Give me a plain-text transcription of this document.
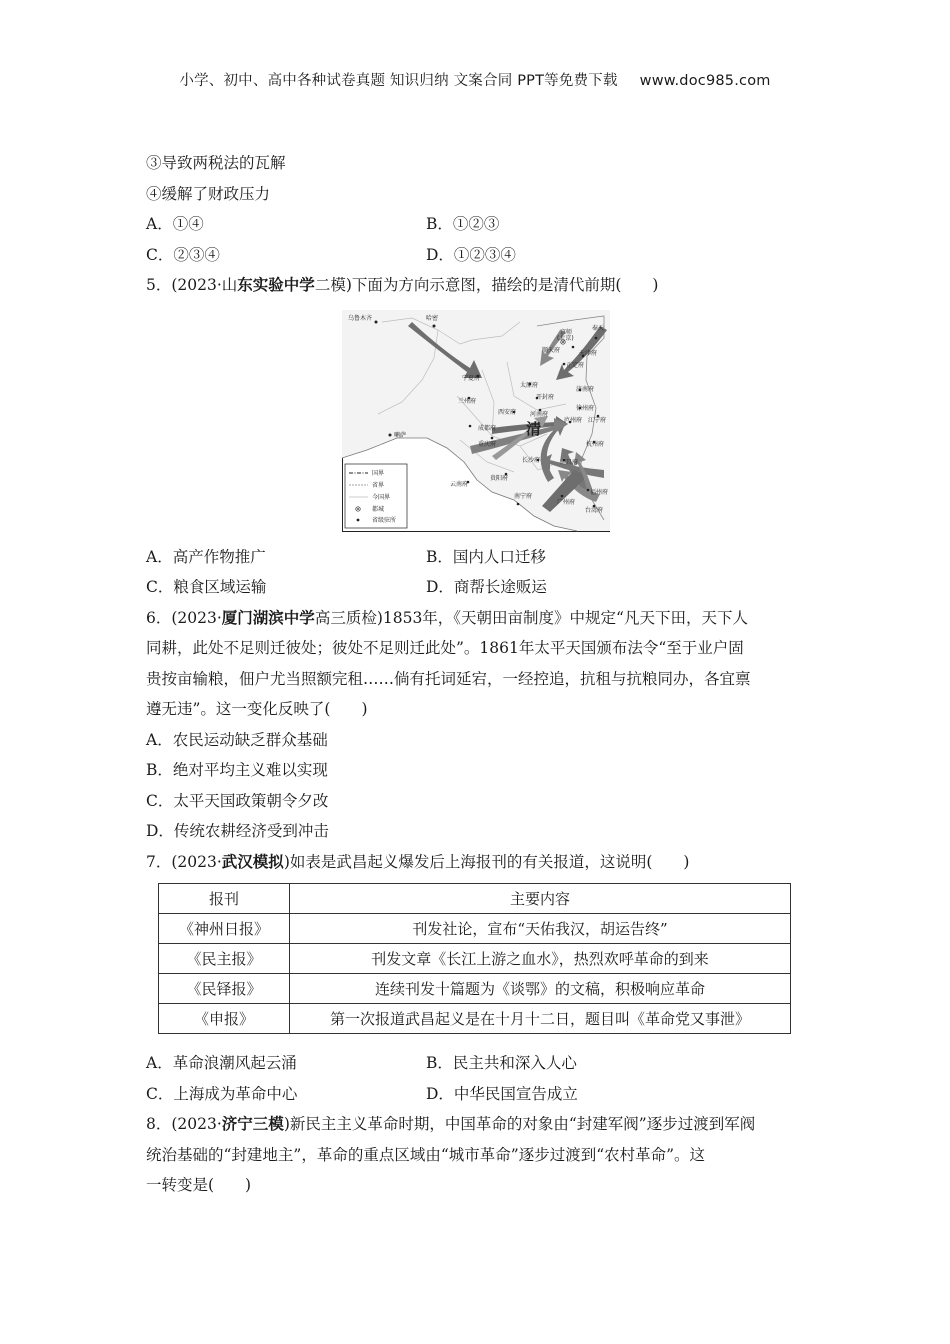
小学、初中、高中各种试卷真题 知识归纳 文案合同 PPT等免费下载 www.doc985.com
③导致两税法的瓦解
④缓解了财政压力
A．①④	B．①②③
C．②③④	D．①②③④
5．(2023·山东实验中学二模)下面为方向示意图，描绘的是清代前期(　　)
乌鲁木齐	哈密
京师
(北京)
顺天府	天津府
正定府
奉天
宁夏府
太原府
开封府
济南府
兰州府
西安府 河南府
徐州府
江宁府
庐州府
喇萨
成都府 清
重庆府
长沙府	南昌府
杭州府
云南府
贵阳府
南宁府
广州府
福州府
台湾府
国界
省界
今国界
都城
省级驻所
A．高产作物推广	B．国内人口迁移
C．粮食区域运输	D．商帮长途贩运
6．(2023·厦门湖滨中学高三质检)1853年，《天朝田亩制度》中规定“凡天下田，天下人
同耕，此处不足则迁彼处；彼处不足则迁此处”。1861年太平天国颁布法令“至于业户固
贵按亩输粮，佃户尤当照额完租……倘有托词延宕，一经控追，抗租与抗粮同办，各宜禀
遵无违”。这一变化反映了(　　)
A．农民运动缺乏群众基础
B．绝对平均主义难以实现
C．太平天国政策朝令夕改
D．传统农耕经济受到冲击
7．(2023·武汉模拟)如表是武昌起义爆发后上海报刊的有关报道，这说明(　　)
报刊	主要内容
《神州日报》	刊发社论，宣布“天佑我汉，胡运告终”
《民主报》	刊发文章《长江上游之血水》，热烈欢呼革命的到来
《民铎报》	连续刊发十篇题为《谈鄂》的文稿，积极响应革命
《申报》	第一次报道武昌起义是在十月十二日，题目叫《革命党又事泄》
A．革命浪潮风起云涌	B．民主共和深入人心
C．上海成为革命中心	D．中华民国宣告成立
8．(2023·济宁三模)新民主主义革命时期，中国革命的对象由“封建军阀”逐步过渡到军阀
统治基础的“封建地主”，革命的重点区域由“城市革命”逐步过渡到“农村革命”。这
一转变是(　　)
